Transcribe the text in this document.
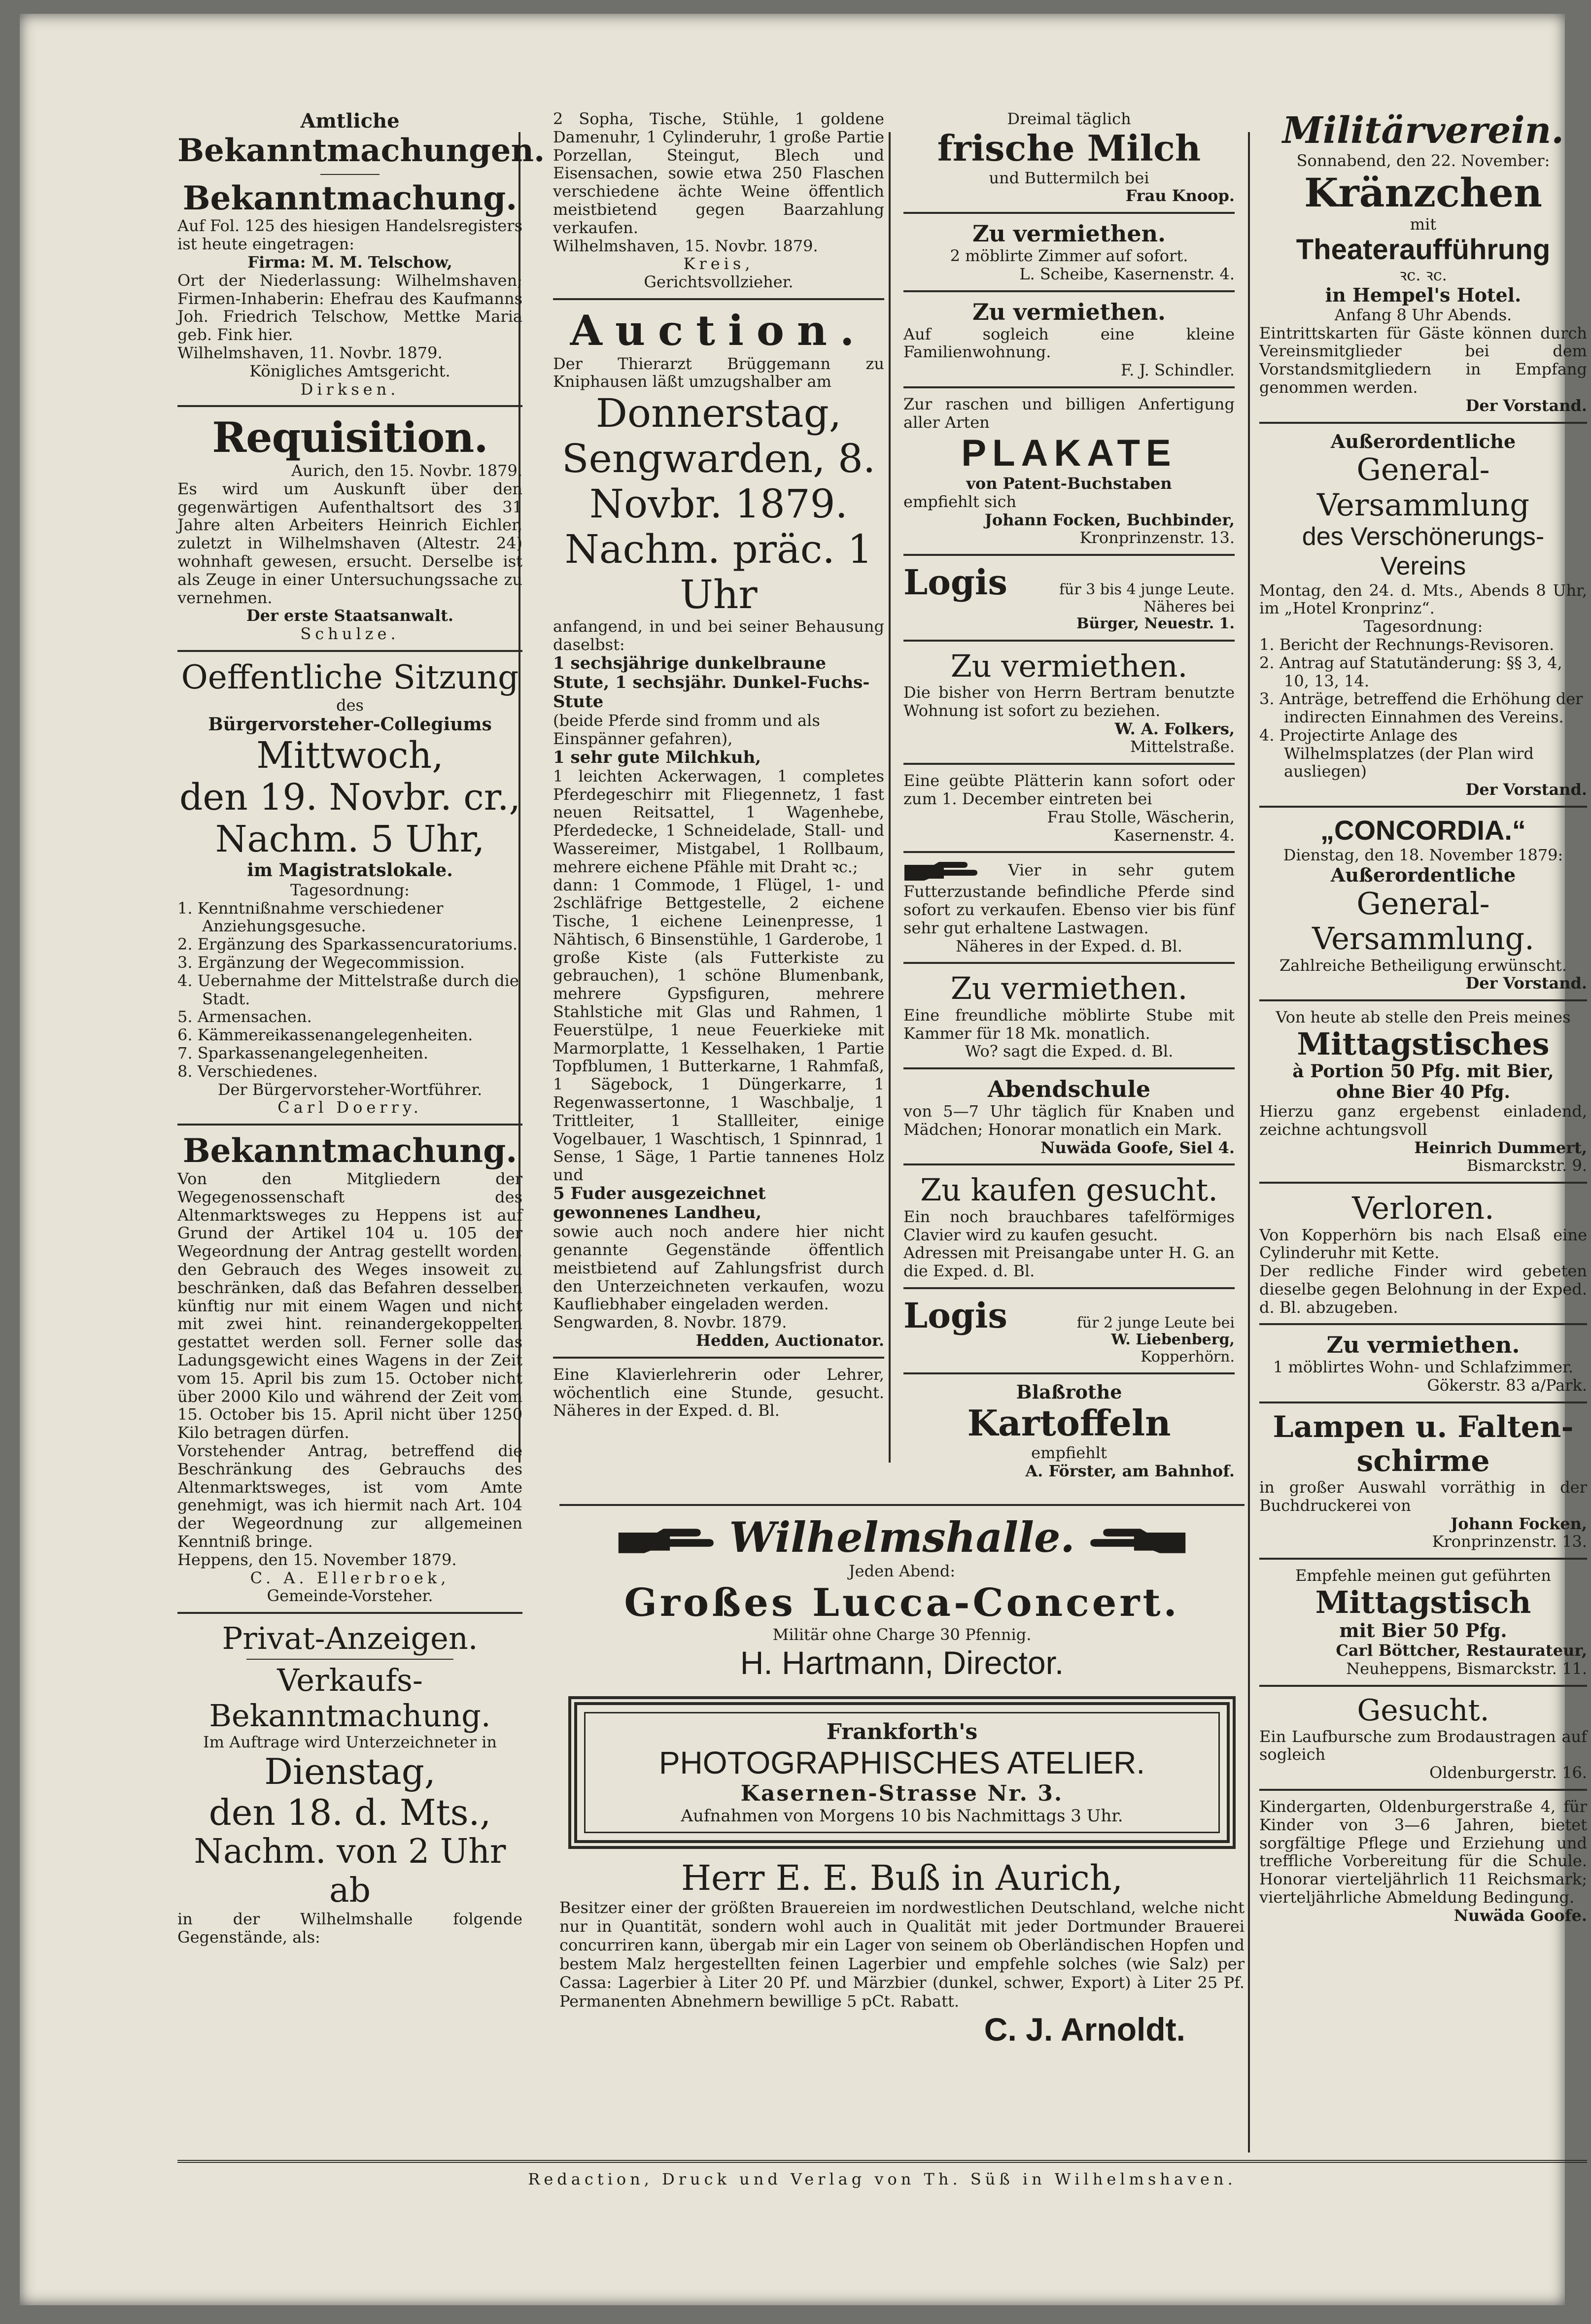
Amtliche
Bekanntmachungen.
Bekanntmachung.

Auf Fol. 125 des hiesigen Handelsregisters ist heute eingetragen:

Firma: M. M. Telschow,

Ort der Niederlassung: Wilhelmshaven; Firmen-Inhaberin: Ehefrau des Kaufmanns Joh. Friedrich Telschow, Mettke Maria geb. Fink hier.

Wilhelmshaven, 11. Novbr. 1879.

Königliches Amtsgericht.

Dirksen.

Requisition.

Aurich, den 15. Novbr. 1879.

Es wird um Auskunft über den gegenwärtigen Aufenthaltsort des 31 Jahre alten Arbeiters Heinrich Eichler, zuletzt in Wilhelmshaven (Altestr. 24) wohnhaft gewesen, ersucht. Derselbe ist als Zeuge in einer Untersuchungssache zu vernehmen.

Der erste Staatsanwalt.

Schulze.

Oeffentliche Sitzung

des

Bürgervorsteher-Collegiums

Mittwoch,
den 19. Novbr. cr.,
Nachm. 5 Uhr,

im Magistratslokale.

Tagesordnung:

1. Kenntnißnahme verschiedener Anziehungsgesuche.

2. Ergänzung des Sparkassencuratoriums.

3. Ergänzung der Wegecommission.

4. Uebernahme der Mittelstraße durch die Stadt.

5. Armensachen.

6. Kämmereikassenangelegenheiten.

7. Sparkassenangelegenheiten.

8. Verschiedenes.

Der Bürgervorsteher-Wortführer.

Carl Doerry.

Bekanntmachung.

Von den Mitgliedern der Wegegenossenschaft des Altenmarktsweges zu Heppens ist auf Grund der Artikel 104 u. 105 der Wegeordnung der Antrag gestellt worden, den Gebrauch des Weges insoweit zu beschränken, daß das Befahren desselben künftig nur mit einem Wagen und nicht mit zwei hint. reinandergekoppelten gestattet werden soll. Ferner solle das Ladungsgewicht eines Wagens in der Zeit vom 15. April bis zum 15. October nicht über 2000 Kilo und während der Zeit vom 15. October bis 15. April nicht über 1250 Kilo betragen dürfen.

Vorstehender Antrag, betreffend die Beschränkung des Gebrauchs des Altenmarktsweges, ist vom Amte genehmigt, was ich hiermit nach Art. 104 der Wegeordnung zur allgemeinen Kenntniß bringe.

Heppens, den 15. November 1879.

C. A. Ellerbroek,

Gemeinde-Vorsteher.

Privat-Anzeigen.
Verkaufs-
Bekanntmachung.

Im Auftrage wird Unterzeichneter in

Dienstag,
den 18. d. Mts.,
Nachm. von 2 Uhr ab

in der Wilhelmshalle folgende Gegenstände, als:

2 Sopha, Tische, Stühle, 1 goldene Damenuhr, 1 Cylinderuhr, 1 große Partie Porzellan, Steingut, Blech und Eisensachen, sowie etwa 250 Flaschen verschiedene ächte Weine öffentlich meistbietend gegen Baarzahlung verkaufen.

Wilhelmshaven, 15. Novbr. 1879.

Kreis,

Gerichtsvollzieher.

Auction.

Der Thierarzt Brüggemann zu Kniphausen läßt umzugshalber am

Donnerstag,
Sengwarden, 8. Novbr. 1879.
Nachm. präc. 1 Uhr

anfangend, in und bei seiner Behausung daselbst:

1 sechsjährige dunkelbraune Stute, 1 sechsjähr. Dunkel-Fuchs-Stute

(beide Pferde sind fromm und als Einspänner gefahren),

1 sehr gute Milchkuh,

1 leichten Ackerwagen, 1 completes Pferdegeschirr mit Fliegennetz, 1 fast neuen Reitsattel, 1 Wagenhebe, Pferdedecke, 1 Schneidelade, Stall- und Wassereimer, Mistgabel, 1 Rollbaum, mehrere eichene Pfähle mit Draht ꝛc.;

dann: 1 Commode, 1 Flügel, 1- und 2schläfrige Bettgestelle, 2 eichene Tische, 1 eichene Leinenpresse, 1 Nähtisch, 6 Binsenstühle, 1 Garderobe, 1 große Kiste (als Futterkiste zu gebrauchen), 1 schöne Blumenbank, mehrere Gypsfiguren, mehrere Stahlstiche mit Glas und Rahmen, 1 Feuerstülpe, 1 neue Feuerkieke mit Marmorplatte, 1 Kesselhaken, 1 Partie Topfblumen, 1 Butterkarne, 1 Rahmfaß, 1 Sägebock, 1 Düngerkarre, 1 Regenwassertonne, 1 Waschbalje, 1 Trittleiter, 1 Stallleiter, einige Vogelbauer, 1 Waschtisch, 1 Spinnrad, 1 Sense, 1 Säge, 1 Partie tannenes Holz und

5 Fuder ausgezeichnet gewonnenes Landheu,

sowie auch noch andere hier nicht genannte Gegenstände öffentlich meistbietend auf Zahlungsfrist durch den Unterzeichneten verkaufen, wozu Kaufliebhaber eingeladen werden.

Sengwarden, 8. Novbr. 1879.

Hedden, Auctionator.

Eine Klavierlehrerin oder Lehrer, wöchentlich eine Stunde, gesucht. Näheres in der Exped. d. Bl.

Dreimal täglich

frische Milch

und Buttermilch bei

Frau Knoop.

Zu vermiethen.

2 möblirte Zimmer auf sofort.

L. Scheibe, Kasernenstr. 4.

Zu vermiethen.

Auf sogleich eine kleine Familienwohnung.

F. J. Schindler.

Zur raschen und billigen Anfertigung aller Arten

PLAKATE

von Patent-Buchstaben

empfiehlt sich

Johann Focken, Buchbinder,

Kronprinzenstr. 13.

Logis	für 3 bis 4 junge Leute.
Näheres bei
Bürger, Neuestr. 1.
Zu vermiethen.

Die bisher von Herrn Bertram benutzte Wohnung ist sofort zu beziehen.

W. A. Folkers,

Mittelstraße.

Eine geübte Plätterin kann sofort oder zum 1. December eintreten bei

Frau Stolle, Wäscherin,

Kasernenstr. 4.

Vier in sehr gutem Futterzustande befindliche Pferde sind sofort zu verkaufen. Ebenso vier bis fünf sehr gut erhaltene Lastwagen.

Näheres in der Exped. d. Bl.

Zu vermiethen.

Eine freundliche möblirte Stube mit Kammer für 18 Mk. monatlich.

Wo? sagt die Exped. d. Bl.

Abendschule

von 5—7 Uhr täglich für Knaben und Mädchen; Honorar monatlich ein Mark.

Nuwäda Goofe, Siel 4.

Zu kaufen gesucht.

Ein noch brauchbares tafelförmiges Clavier wird zu kaufen gesucht.

Adressen mit Preisangabe unter H. G. an die Exped. d. Bl.

Logis	für 2 junge Leute bei
W. Liebenberg,
Kopperhörn.

Blaßrothe

Kartoffeln

empfiehlt

A. Förster, am Bahnhof.

Militärverein.

Sonnabend, den 22. November:

Kränzchen

mit

Theateraufführung

ꝛc. ꝛc.

in Hempel's Hotel.

Anfang 8 Uhr Abends.

Eintrittskarten für Gäste können durch Vereinsmitglieder bei dem Vorstandsmitgliedern in Empfang genommen werden.

Der Vorstand.

Außerordentliche

General-
Versammlung
des Verschönerungs-
Vereins

Montag, den 24. d. Mts., Abends 8 Uhr, im „Hotel Kronprinz“.

Tagesordnung:

1. Bericht der Rechnungs-Revisoren.

2. Antrag auf Statutänderung: §§ 3, 4, 10, 13, 14.

3. Anträge, betreffend die Erhöhung der indirecten Einnahmen des Vereins.

4. Projectirte Anlage des Wilhelmsplatzes (der Plan wird ausliegen)

Der Vorstand.

„CONCORDIA.“

Dienstag, den 18. November 1879:

Außerordentliche

General-
Versammlung.

Zahlreiche Betheiligung erwünscht.

Der Vorstand.

Von heute ab stelle den Preis meines

Mittagstisches

à Portion 50 Pfg. mit Bier,

ohne Bier 40 Pfg.

Hierzu ganz ergebenst einladend, zeichne achtungsvoll

Heinrich Dummert,

Bismarckstr. 9.

Verloren.

Von Kopperhörn bis nach Elsaß eine Cylinderuhr mit Kette.

Der redliche Finder wird gebeten dieselbe gegen Belohnung in der Exped. d. Bl. abzugeben.

Zu vermiethen.

1 möblirtes Wohn- und Schlafzimmer.

Gökerstr. 83 a/Park.

Lampen u. Falten-
schirme

in großer Auswahl vorräthig in der Buchdruckerei von

Johann Focken,

Kronprinzenstr. 13.

Empfehle meinen gut geführten

Mittagstisch

mit Bier 50 Pfg.

Carl Böttcher, Restaurateur,

Neuheppens, Bismarckstr. 11.

Gesucht.

Ein Laufbursche zum Brodaustragen auf sogleich

Oldenburgerstr. 16.

Kindergarten, Oldenburgerstraße 4, für Kinder von 3—6 Jahren, bietet sorgfältige Pflege und Erziehung und treffliche Vorbereitung für die Schule. Honorar vierteljährlich 11 Reichsmark; vierteljährliche Abmeldung Bedingung.

Nuwäda Goofe.

Wilhelmshalle.

Jeden Abend:

Großes Lucca-Concert.

Militär ohne Charge 30 Pfennig.

H. Hartmann, Director.
Frankforth's
PHOTOGRAPHISCHES ATELIER.
Kasernen-Strasse Nr. 3.
Aufnahmen von Morgens 10 bis Nachmittags 3 Uhr.
Herr E. E. Buß in Aurich,

Besitzer einer der größten Brauereien im nordwestlichen Deutschland, welche nicht nur in Quantität, sondern wohl auch in Qualität mit jeder Dortmunder Brauerei concurriren kann, übergab mir ein Lager von seinem ob Oberländischen Hopfen und bestem Malz hergestellten feinen Lagerbier und empfehle solches (wie Salz) per Cassa: Lagerbier à Liter 20 Pf. und Märzbier (dunkel, schwer, Export) à Liter 25 Pf. Permanenten Abnehmern bewillige 5 pCt. Rabatt.

C. J. Arnoldt.

Redaction, Druck und Verlag von Th. Süß in Wilhelmshaven.
